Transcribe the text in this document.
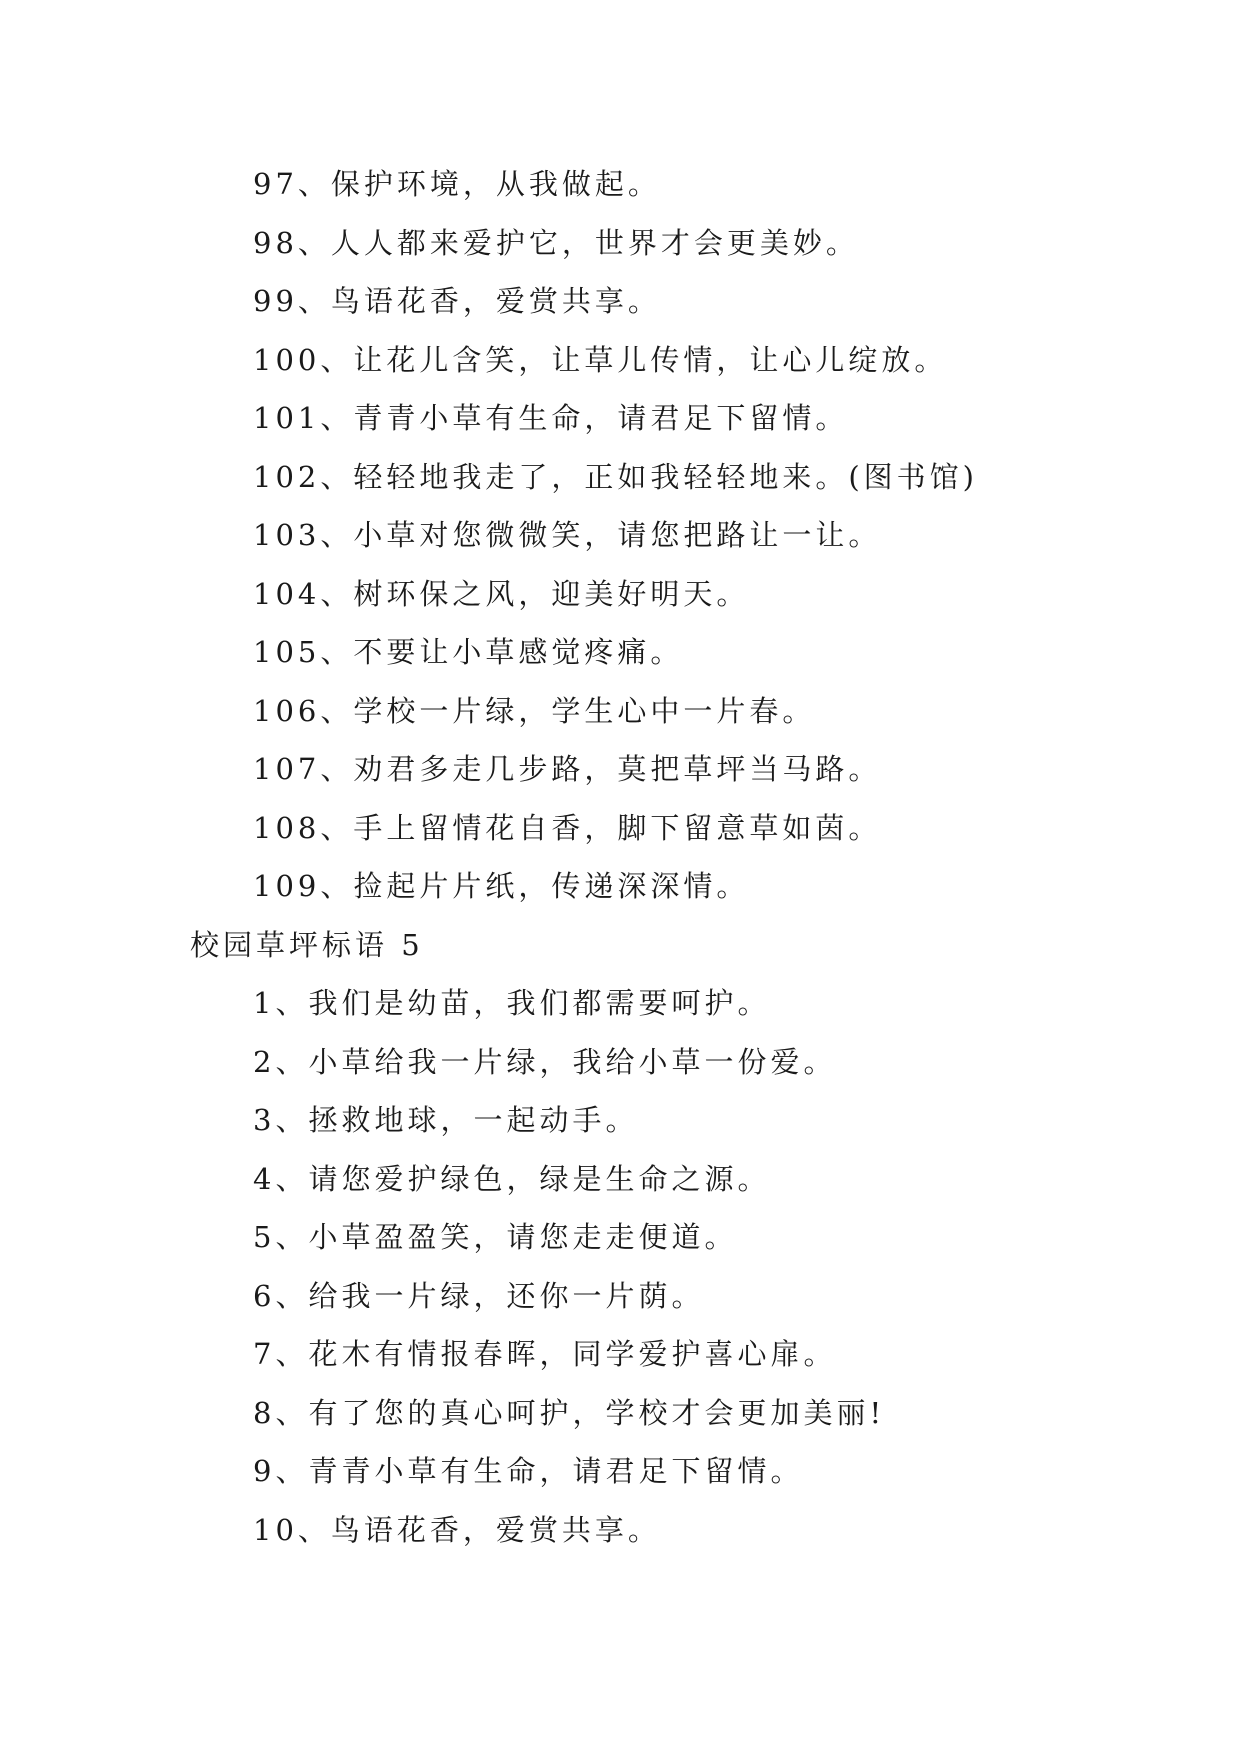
97、保护环境，从我做起。
98、人人都来爱护它，世界才会更美妙。
99、鸟语花香，爱赏共享。
100、让花儿含笑，让草儿传情，让心儿绽放。
101、青青小草有生命，请君足下留情。
102、轻轻地我走了，正如我轻轻地来。(图书馆)
103、小草对您微微笑，请您把路让一让。
104、树环保之风，迎美好明天。
105、不要让小草感觉疼痛。
106、学校一片绿，学生心中一片春。
107、劝君多走几步路，莫把草坪当马路。
108、手上留情花自香，脚下留意草如茵。
109、捡起片片纸，传递深深情。
校园草坪标语 5
1、我们是幼苗，我们都需要呵护。
2、小草给我一片绿，我给小草一份爱。
3、拯救地球，一起动手。
4、请您爱护绿色，绿是生命之源。
5、小草盈盈笑，请您走走便道。
6、给我一片绿，还你一片荫。
7、花木有情报春晖，同学爱护喜心扉。
8、有了您的真心呵护，学校才会更加美丽!
9、青青小草有生命，请君足下留情。
10、鸟语花香，爱赏共享。
